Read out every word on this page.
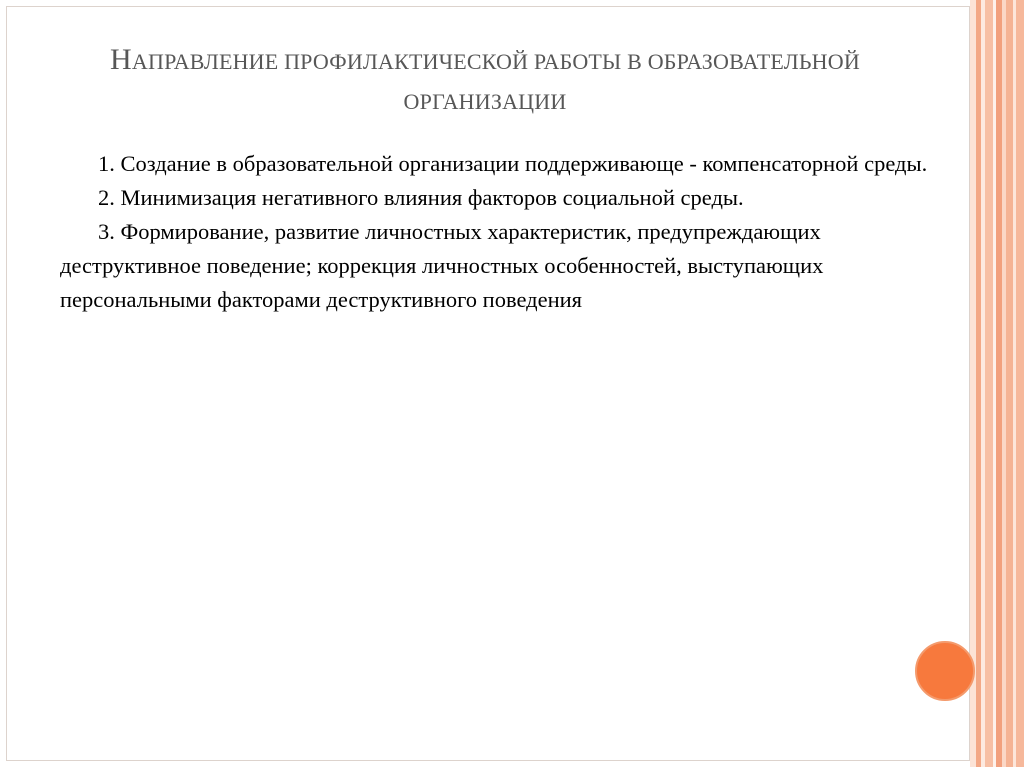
НАПРАВЛЕНИЕ ПРОФИЛАКТИЧЕСКОЙ РАБОТЫ В ОБРАЗОВАТЕЛЬНОЙ ОРГАНИЗАЦИИ

1. Создание в образовательной организации поддерживающе - компенсаторной среды.

2. Минимизация негативного влияния факторов социальной среды.

3. Формирование, развитие личностных характеристик, предупреждающих деструктивное поведение; коррекция личностных особенностей, выступающих персональными факторами деструктивного поведения
